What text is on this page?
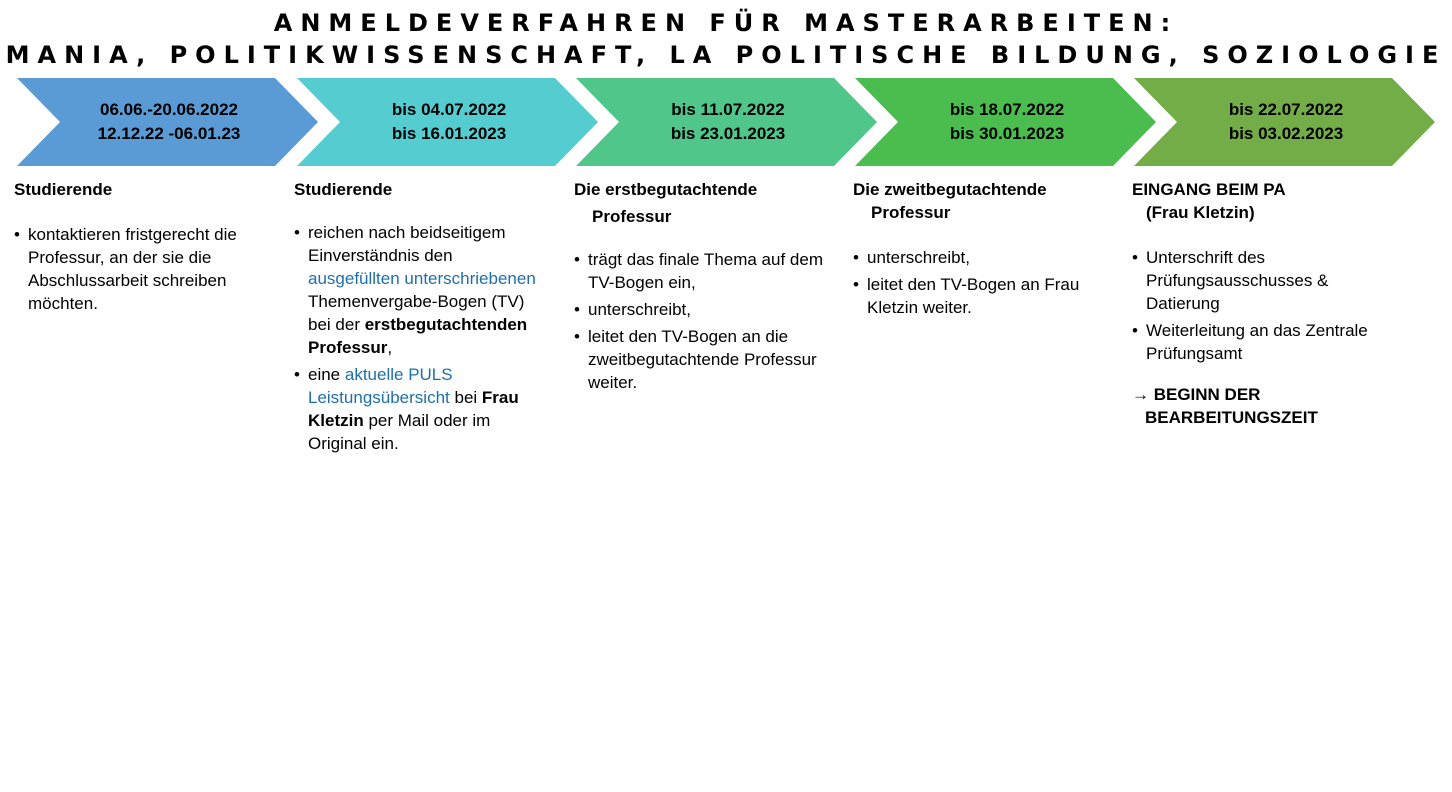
ANMELDEVERFAHREN FÜR MASTERARBEITEN:
MANIA, POLITIKWISSENSCHAFT, LA POLITISCHE BILDUNG, SOZIOLOGIE
06.06.-20.06.2022
12.12.22 -06.01.23
bis 04.07.2022
bis 16.01.2023
bis 11.07.2022
bis 23.01.2023
bis 18.07.2022
bis 30.01.2023
bis 22.07.2022
bis 03.02.2023
Studierende
• kontaktieren fristgerecht die Professur, an der sie die Abschlussarbeit schreiben möchten.
Studierende
• reichen nach beidseitigem Einverständnis den ausgefüllten unterschriebenen Themenvergabe-Bogen (TV) bei der erstbegutachtenden Professur,
• eine aktuelle PULS Leistungsübersicht bei Frau Kletzin per Mail oder im Original ein.
Die erstbegutachtende
Professur
• trägt das finale Thema auf dem TV-Bogen ein,
• unterschreibt,
• leitet den TV-Bogen an die zweitbegutachtende Professur weiter.
Die zweitbegutachtende
Professur
• unterschreibt,
• leitet den TV-Bogen an Frau Kletzin weiter.
EINGANG BEIM PA
(Frau Kletzin)
• Unterschrift des Prüfungsausschusses & Datierung
• Weiterleitung an das Zentrale Prüfungsamt
→ BEGINN DER
BEARBEITUNGSZEIT
